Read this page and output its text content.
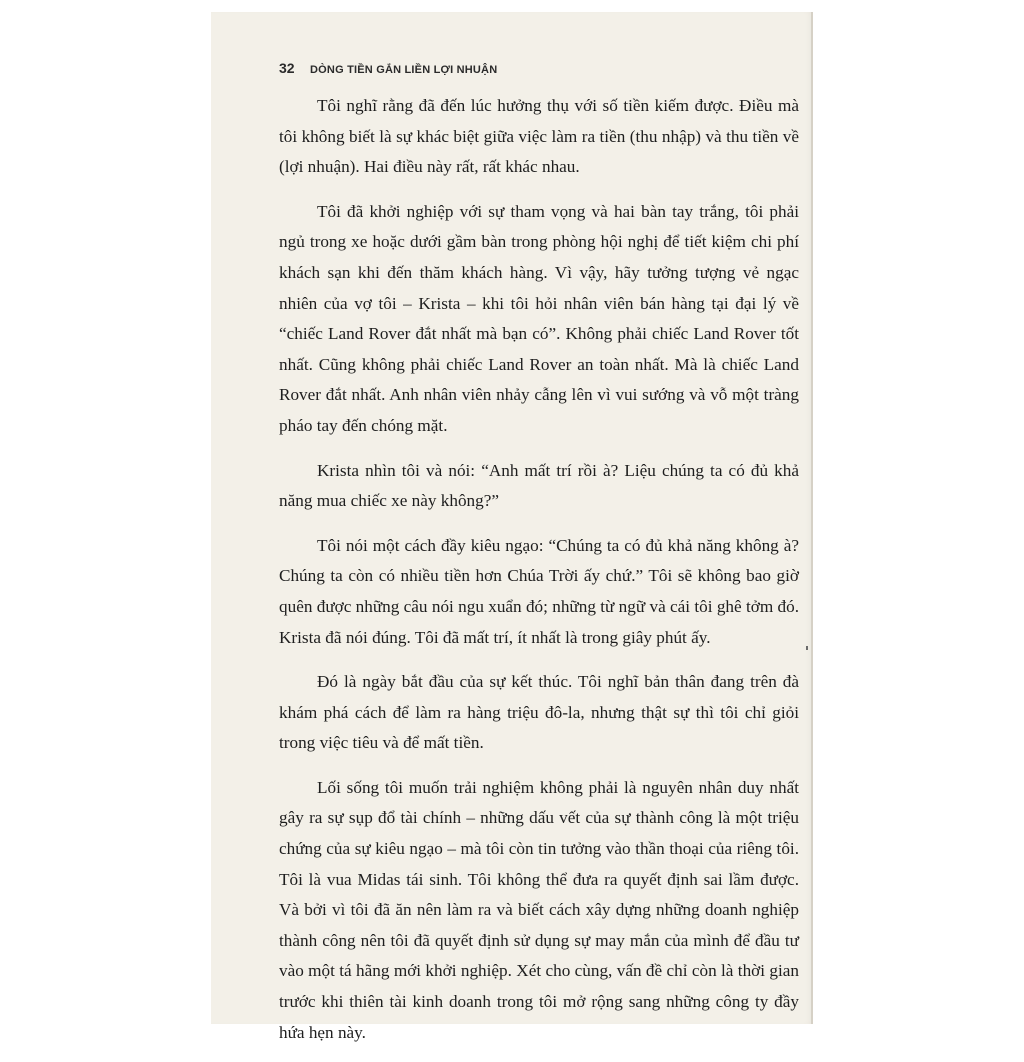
32 DÒNG TIỀN GẮN LIỀN LỢI NHUẬN

Tôi nghĩ rằng đã đến lúc hưởng thụ với số tiền kiếm được. Điều mà tôi không biết là sự khác biệt giữa việc làm ra tiền (thu nhập) và thu tiền về (lợi nhuận). Hai điều này rất, rất khác nhau.

Tôi đã khởi nghiệp với sự tham vọng và hai bàn tay trắng, tôi phải ngủ trong xe hoặc dưới gầm bàn trong phòng hội nghị để tiết kiệm chi phí khách sạn khi đến thăm khách hàng. Vì vậy, hãy tưởng tượng vẻ ngạc nhiên của vợ tôi – Krista – khi tôi hỏi nhân viên bán hàng tại đại lý về “chiếc Land Rover đắt nhất mà bạn có”. Không phải chiếc Land Rover tốt nhất. Cũng không phải chiếc Land Rover an toàn nhất. Mà là chiếc Land Rover đắt nhất. Anh nhân viên nhảy cẫng lên vì vui sướng và vỗ một tràng pháo tay đến chóng mặt.

Krista nhìn tôi và nói: “Anh mất trí rồi à? Liệu chúng ta có đủ khả năng mua chiếc xe này không?”

Tôi nói một cách đầy kiêu ngạo: “Chúng ta có đủ khả năng không à? Chúng ta còn có nhiều tiền hơn Chúa Trời ấy chứ.” Tôi sẽ không bao giờ quên được những câu nói ngu xuẩn đó; những từ ngữ và cái tôi ghê tởm đó. Krista đã nói đúng. Tôi đã mất trí, ít nhất là trong giây phút ấy.

Đó là ngày bắt đầu của sự kết thúc. Tôi nghĩ bản thân đang trên đà khám phá cách để làm ra hàng triệu đô-la, nhưng thật sự thì tôi chỉ giỏi trong việc tiêu và để mất tiền.

Lối sống tôi muốn trải nghiệm không phải là nguyên nhân duy nhất gây ra sự sụp đổ tài chính – những dấu vết của sự thành công là một triệu chứng của sự kiêu ngạo – mà tôi còn tin tưởng vào thần thoại của riêng tôi. Tôi là vua Midas tái sinh. Tôi không thể đưa ra quyết định sai lầm được. Và bởi vì tôi đã ăn nên làm ra và biết cách xây dựng những doanh nghiệp thành công nên tôi đã quyết định sử dụng sự may mắn của mình để đầu tư vào một tá hãng mới khởi nghiệp. Xét cho cùng, vấn đề chỉ còn là thời gian trước khi thiên tài kinh doanh trong tôi mở rộng sang những công ty đầy hứa hẹn này.
